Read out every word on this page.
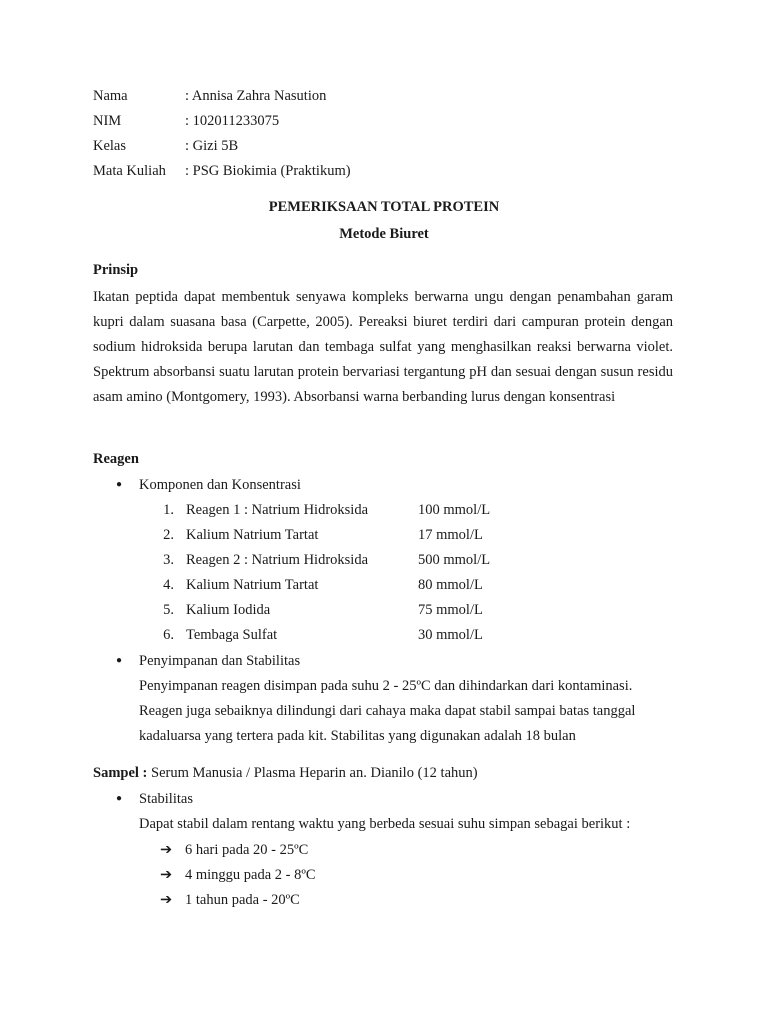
Nama	: Annisa Zahra Nasution
NIM	: 102011233075
Kelas	: Gizi 5B
Mata Kuliah : PSG Biokimia (Praktikum)
PEMERIKSAAN TOTAL PROTEIN
Metode Biuret
Prinsip

Ikatan peptida dapat membentuk senyawa kompleks berwarna ungu dengan penambahan garam kupri dalam suasana basa (Carpette, 2005). Pereaksi biuret terdiri dari campuran protein dengan sodium hidroksida berupa larutan dan tembaga sulfat yang menghasilkan reaksi berwarna violet. Spektrum absorbansi suatu larutan protein bervariasi tergantung pH dan sesuai dengan susun residu asam amino (Montgomery, 1993). Absorbansi warna berbanding lurus dengan konsentrasi

Reagen
● Komponen dan Konsentrasi
1. Reagen 1 : Natrium Hidroksida	100 mmol/L
2. Kalium Natrium Tartat	17 mmol/L
3. Reagen 2 : Natrium Hidroksida	500 mmol/L
4. Kalium Natrium Tartat	80 mmol/L
5. Kalium Iodida	75 mmol/L
6. Tembaga Sulfat	30 mmol/L
● Penyimpanan dan Stabilitas

Penyimpanan reagen disimpan pada suhu 2 - 25ºC dan dihindarkan dari kontaminasi. Reagen juga sebaiknya dilindungi dari cahaya maka dapat stabil sampai batas tanggal kadaluarsa yang tertera pada kit. Stabilitas yang digunakan adalah 18 bulan

Sampel : Serum Manusia / Plasma Heparin an. Dianilo (12 tahun)
● Stabilitas
Dapat stabil dalam rentang waktu yang berbeda sesuai suhu simpan sebagai berikut :
➔ 6 hari pada 20 - 25ºC
➔ 4 minggu pada 2 - 8ºC
➔ 1 tahun pada - 20ºC
